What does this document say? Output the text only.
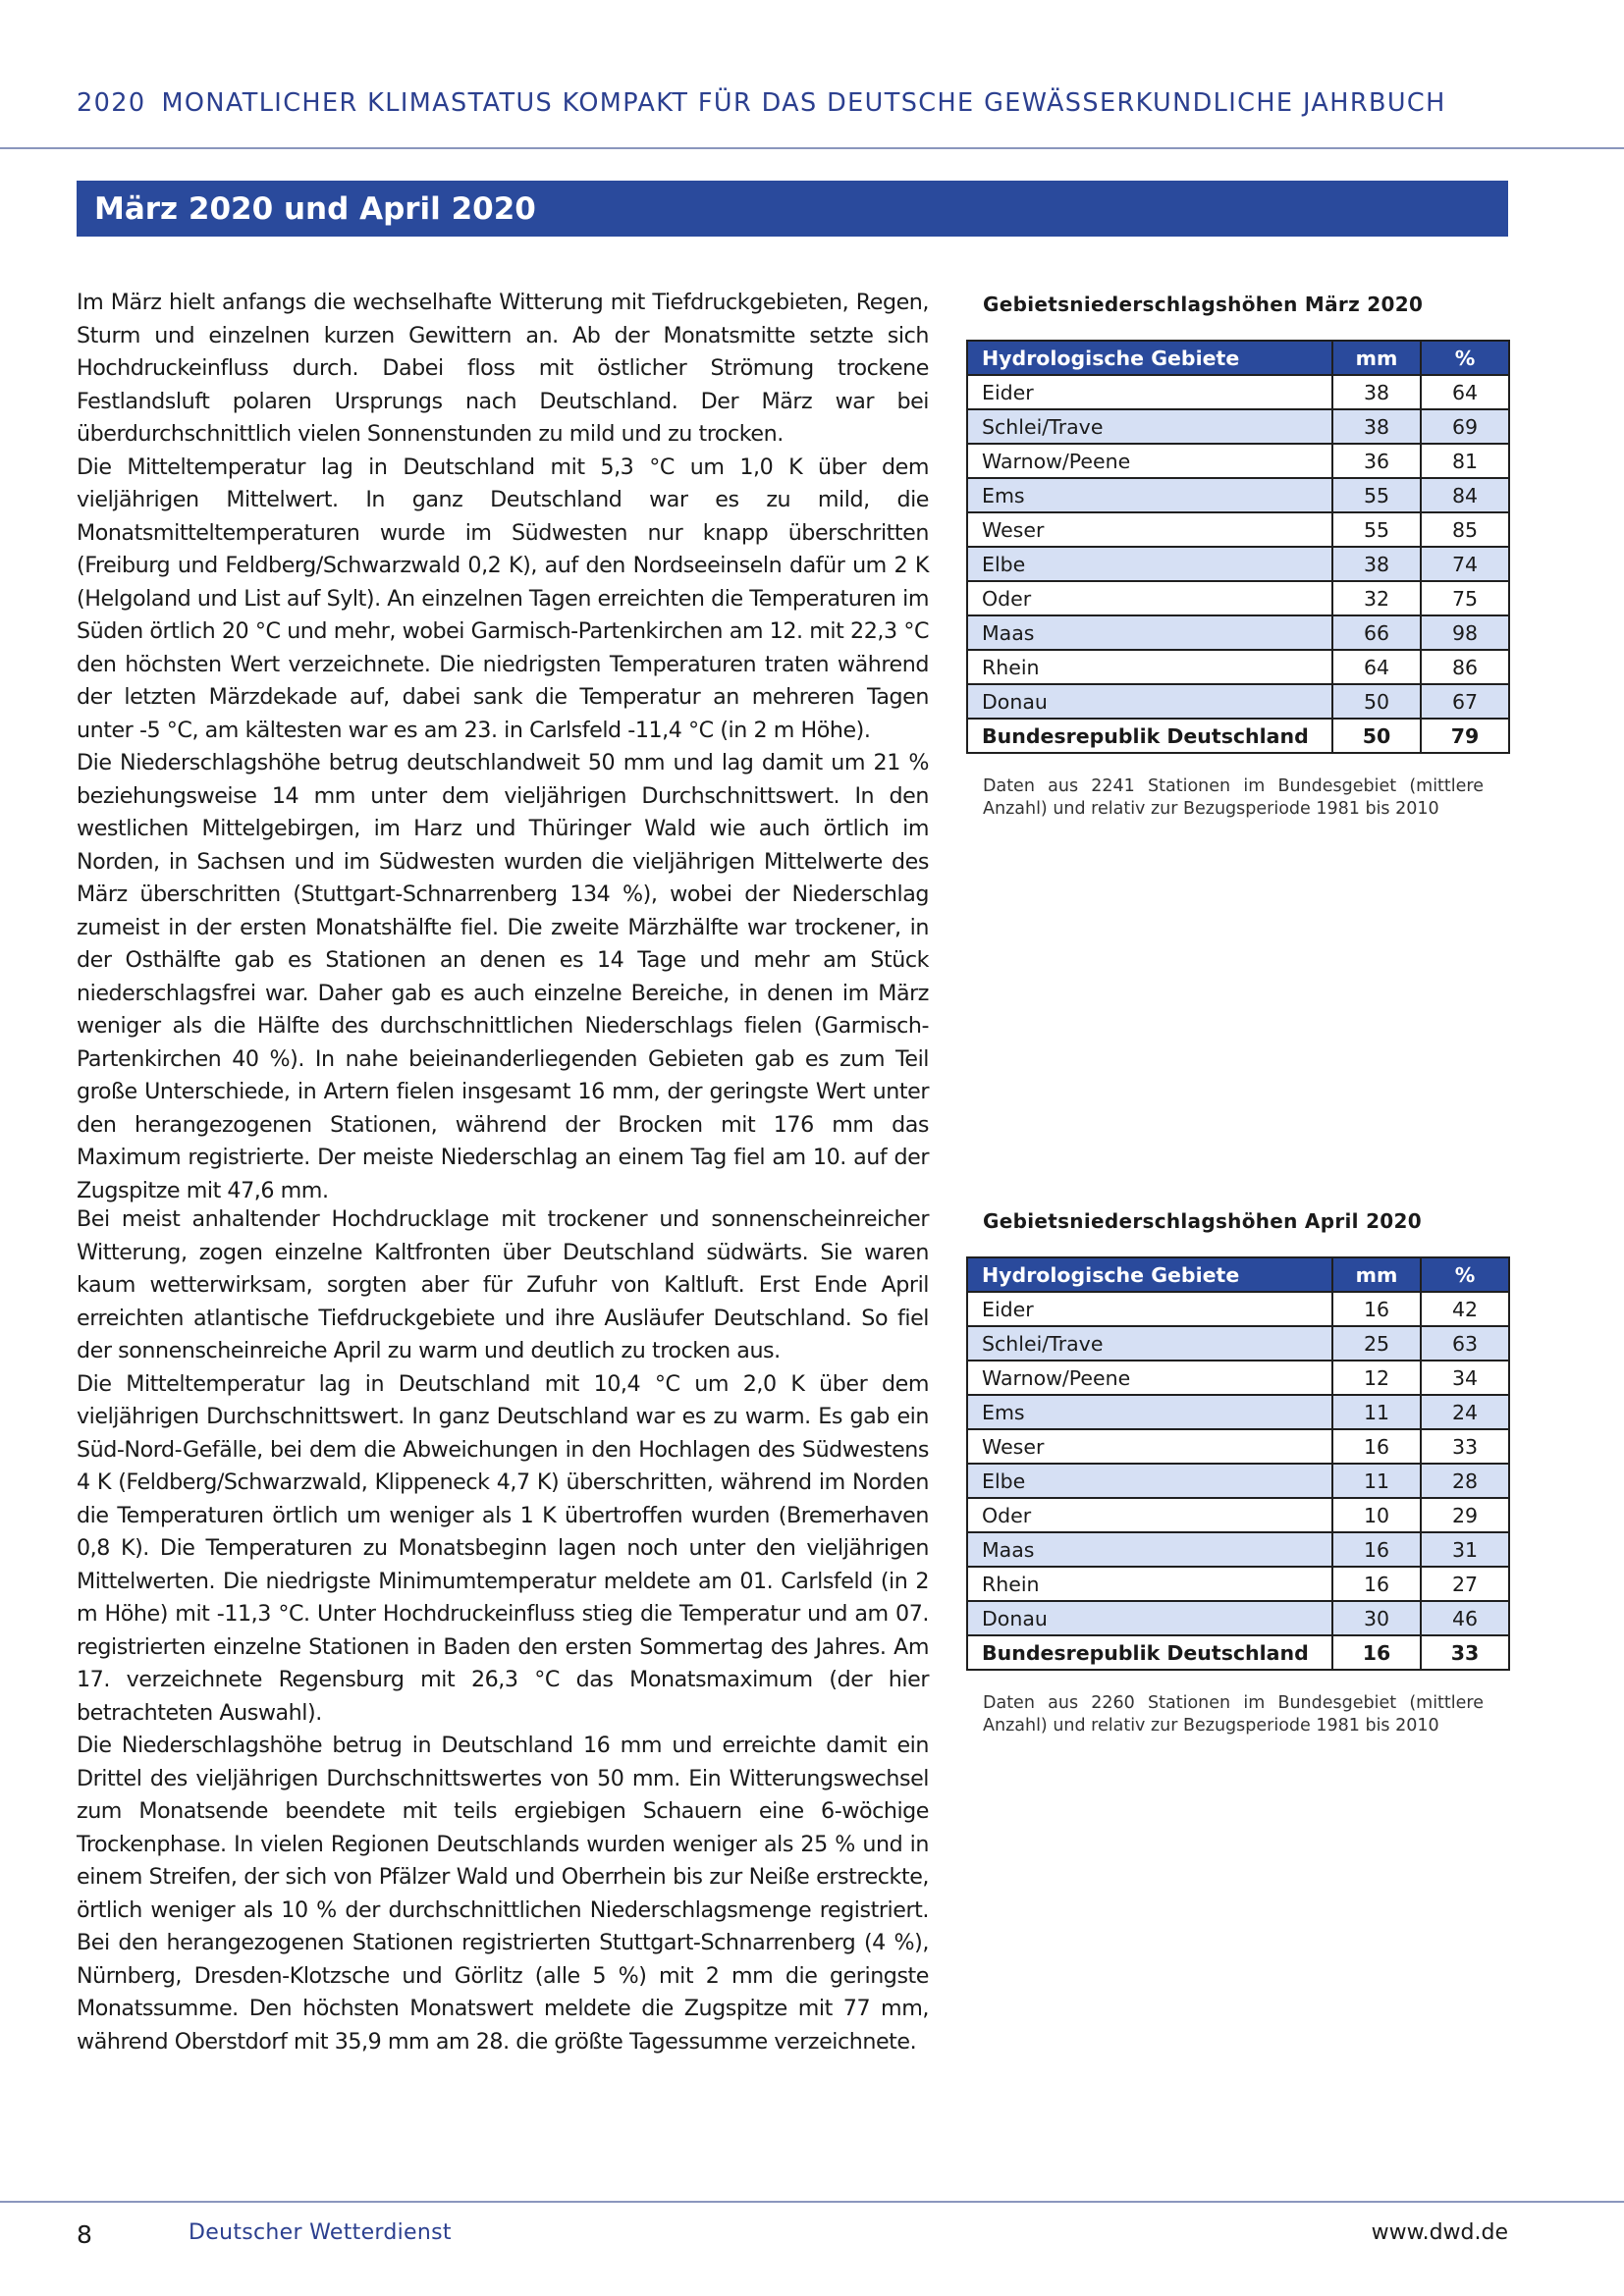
2020 MONATLICHER KLIMASTATUS KOMPAKT FÜR DAS DEUTSCHE GEWÄSSERKUNDLICHE JAHRBUCH
März 2020 und April 2020

Im März hielt anfangs die wechselhafte Witterung mit Tiefdruckgebieten, Regen, Sturm und einzelnen kurzen Gewittern an. Ab der Monatsmitte setzte sich Hochdruckeinfluss durch. Dabei floss mit östlicher Strömung trockene Festlandsluft polaren Ursprungs nach Deutschland. Der März war bei überdurchschnittlich vielen Sonnenstunden zu mild und zu trocken.

Die Mitteltemperatur lag in Deutschland mit 5,3 °C um 1,0 K über dem vieljährigen Mittelwert. In ganz Deutschland war es zu mild, die Monatsmitteltemperaturen wurde im Südwesten nur knapp überschritten (Freiburg und Feldberg/Schwarzwald 0,2 K), auf den Nordseeinseln dafür um 2 K (Helgoland und List auf Sylt). An einzelnen Tagen erreichten die Temperaturen im Süden örtlich 20 °C und mehr, wobei Garmisch-Partenkirchen am 12. mit 22,3 °C den höchsten Wert verzeichnete. Die niedrigsten Temperaturen traten während der letzten Märzdekade auf, dabei sank die Temperatur an mehreren Tagen unter -5 °C, am kältesten war es am 23. in Carlsfeld -11,4 °C (in 2 m Höhe).

Die Niederschlagshöhe betrug deutschlandweit 50 mm und lag damit um 21 % beziehungsweise 14 mm unter dem vieljährigen Durchschnittswert. In den westlichen Mittelgebirgen, im Harz und Thüringer Wald wie auch örtlich im Norden, in Sachsen und im Südwesten wurden die vieljährigen Mittelwerte des März überschritten (Stuttgart-Schnarrenberg 134 %), wobei der Niederschlag zumeist in der ersten Monatshälfte fiel. Die zweite Märzhälfte war trockener, in der Osthälfte gab es Stationen an denen es 14 Tage und mehr am Stück niederschlagsfrei war. Daher gab es auch einzelne Bereiche, in denen im März weniger als die Hälfte des durchschnittlichen Niederschlags fielen (Garmisch-Partenkirchen 40 %). In nahe beieinanderliegenden Gebieten gab es zum Teil große Unterschiede, in Artern fielen insgesamt 16 mm, der geringste Wert unter den herangezogenen Stationen, während der Brocken mit 176 mm das Maximum registrierte. Der meiste Niederschlag an einem Tag fiel am 10. auf der Zugspitze mit 47,6 mm.

Bei meist anhaltender Hochdrucklage mit trockener und sonnenscheinreicher Witterung, zogen einzelne Kaltfronten über Deutschland südwärts. Sie waren kaum wetterwirksam, sorgten aber für Zufuhr von Kaltluft. Erst Ende April erreichten atlantische Tiefdruckgebiete und ihre Ausläufer Deutschland. So fiel der sonnenscheinreiche April zu warm und deutlich zu trocken aus.

Die Mitteltemperatur lag in Deutschland mit 10,4 °C um 2,0 K über dem vieljährigen Durchschnittswert. In ganz Deutschland war es zu warm. Es gab ein Süd-Nord-Gefälle, bei dem die Abweichungen in den Hochlagen des Südwestens 4 K (Feldberg/Schwarzwald, Klippeneck 4,7 K) überschritten, während im Norden die Temperaturen örtlich um weniger als 1 K übertroffen wurden (Bremerhaven 0,8 K). Die Temperaturen zu Monatsbeginn lagen noch unter den vieljährigen Mittelwerten. Die niedrigste Minimumtemperatur meldete am 01. Carlsfeld (in 2 m Höhe) mit -11,3 °C. Unter Hochdruckeinfluss stieg die Temperatur und am 07. registrierten einzelne Stationen in Baden den ersten Sommertag des Jahres. Am 17. verzeichnete Regensburg mit 26,3 °C das Monatsmaximum (der hier betrachteten Auswahl).

Die Niederschlagshöhe betrug in Deutschland 16 mm und erreichte damit ein Drittel des vieljährigen Durchschnittswertes von 50 mm. Ein Witterungswechsel zum Monatsende beendete mit teils ergiebigen Schauern eine 6-wöchige Trockenphase. In vielen Regionen Deutschlands wurden weniger als 25 % und in einem Streifen, der sich von Pfälzer Wald und Oberrhein bis zur Neiße erstreckte, örtlich weniger als 10 % der durchschnittlichen Niederschlagsmenge registriert. Bei den herangezogenen Stationen registrierten Stuttgart-Schnarrenberg (4 %), Nürnberg, Dresden-Klotzsche und Görlitz (alle 5 %) mit 2 mm die geringste Monatssumme. Den höchsten Monatswert meldete die Zugspitze mit 77 mm, während Oberstdorf mit 35,9 mm am 28. die größte Tagessumme verzeichnete.

Gebietsniederschlagshöhen März 2020
Hydrologische Gebiete	mm	%
Eider	38	64
Schlei/Trave	38	69
Warnow/Peene	36	81
Ems	55	84
Weser	55	85
Elbe	38	74
Oder	32	75
Maas	66	98
Rhein	64	86
Donau	50	67
Bundesrepublik Deutschland	50	79
Daten aus 2241 Stationen im Bundesgebiet (mittlere Anzahl) und relativ zur Bezugsperiode 1981 bis 2010
Gebietsniederschlagshöhen April 2020
Hydrologische Gebiete	mm	%
Eider	16	42
Schlei/Trave	25	63
Warnow/Peene	12	34
Ems	11	24
Weser	16	33
Elbe	11	28
Oder	10	29
Maas	16	31
Rhein	16	27
Donau	30	46
Bundesrepublik Deutschland	16	33
Daten aus 2260 Stationen im Bundesgebiet (mittlere Anzahl) und relativ zur Bezugsperiode 1981 bis 2010
8	Deutscher Wetterdienst	www.dwd.de
